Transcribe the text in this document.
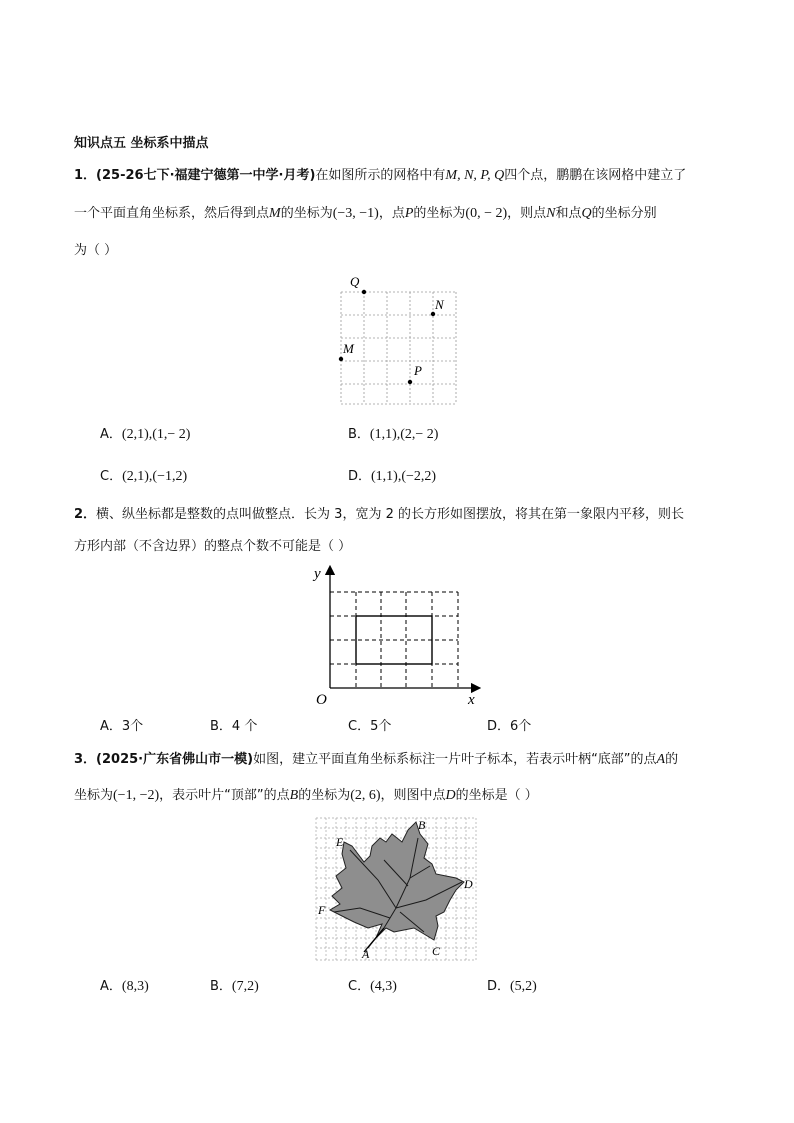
知识点五 坐标系中描点
1．(25-26七下·福建宁德第一中学·月考)在如图所示的网格中有M, N, P, Q四个点，鹏鹏在该网格中建立了
一个平面直角坐标系，然后得到点M的坐标为(−3, −1)，点P的坐标为(0, − 2)，则点N和点Q的坐标分别
为（ ）
Q
N
M
P
A．(2,1),(1,− 2)	B．(1,1),(2,− 2)
C．(2,1),(−1,2)	D．(1,1),(−2,2)
2．横、纵坐标都是整数的点叫做整点．长为 3，宽为 2 的长方形如图摆放，将其在第一象限内平移，则长
方形内部（不含边界）的整点个数不可能是（ ）
y
x
O
A．3个	B．4 个	C．5个	D．6个
3．(2025·广东省佛山市一模)如图，建立平面直角坐标系标注一片叶子标本，若表示叶柄“底部”的点A的
坐标为(−1, −2)，表示叶片“顶部”的点B的坐标为(2, 6)，则图中点D的坐标是（ ）
B
E
D
F
A	C
A．(8,3)	B．(7,2)	C．(4,3)	D．(5,2)
